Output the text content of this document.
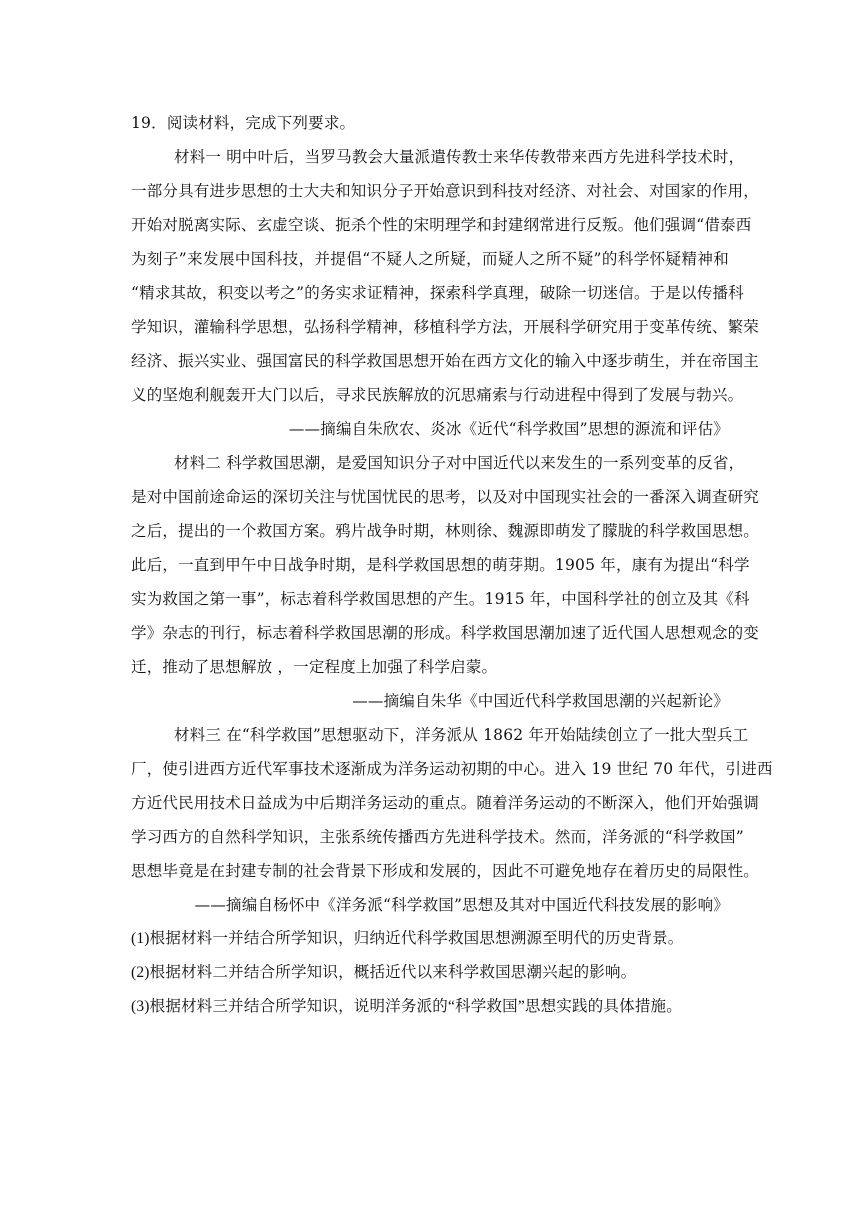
19．阅读材料，完成下列要求。
材料一 明中叶后，当罗马教会大量派遣传教士来华传教带来西方先进科学技术时，
一部分具有进步思想的士大夫和知识分子开始意识到科技对经济、对社会、对国家的作用，
开始对脱离实际、玄虚空谈、扼杀个性的宋明理学和封建纲常进行反叛。他们强调“借泰西
为刻子”来发展中国科技，并提倡“不疑人之所疑，而疑人之所不疑”的科学怀疑精神和
“精求其故，积变以考之”的务实求证精神，探索科学真理，破除一切迷信。于是以传播科
学知识，灌输科学思想，弘扬科学精神，移植科学方法，开展科学研究用于变革传统、繁荣
经济、振兴实业、强国富民的科学救国思想开始在西方文化的输入中逐步萌生，并在帝国主
义的坚炮利舰轰开大门以后，寻求民族解放的沉思痛索与行动进程中得到了发展与勃兴。
——摘编自朱欣农、炎冰《近代“科学救国”思想的源流和评估》
材料二 科学救国思潮，是爱国知识分子对中国近代以来发生的一系列变革的反省，
是对中国前途命运的深切关注与忧国忧民的思考，以及对中国现实社会的一番深入调查研究
之后，提出的一个救国方案。鸦片战争时期，林则徐、魏源即萌发了朦胧的科学救国思想。
此后，一直到甲午中日战争时期，是科学救国思想的萌芽期。1905 年，康有为提出“科学
实为救国之第一事”，标志着科学救国思想的产生。1915 年，中国科学社的创立及其《科
学》杂志的刊行，标志着科学救国思潮的形成。科学救国思潮加速了近代国人思想观念的变
迁，推动了思想解放 ，一定程度上加强了科学启蒙。
——摘编自朱华《中国近代科学救国思潮的兴起新论》
材料三 在“科学救国”思想驱动下，洋务派从 1862 年开始陆续创立了一批大型兵工
厂，使引进西方近代军事技术逐渐成为洋务运动初期的中心。进入 19 世纪 70 年代，引进西
方近代民用技术日益成为中后期洋务运动的重点。随着洋务运动的不断深入，他们开始强调
学习西方的自然科学知识，主张系统传播西方先进科学技术。然而，洋务派的“科学救国”
思想毕竟是在封建专制的社会背景下形成和发展的，因此不可避免地存在着历史的局限性。
——摘编自杨怀中《洋务派“科学救国”思想及其对中国近代科技发展的影响》
(1)根据材料一并结合所学知识，归纳近代科学救国思想溯源至明代的历史背景。
(2)根据材料二并结合所学知识，概括近代以来科学救国思潮兴起的影响。
(3)根据材料三并结合所学知识，说明洋务派的“科学救国”思想实践的具体措施。
